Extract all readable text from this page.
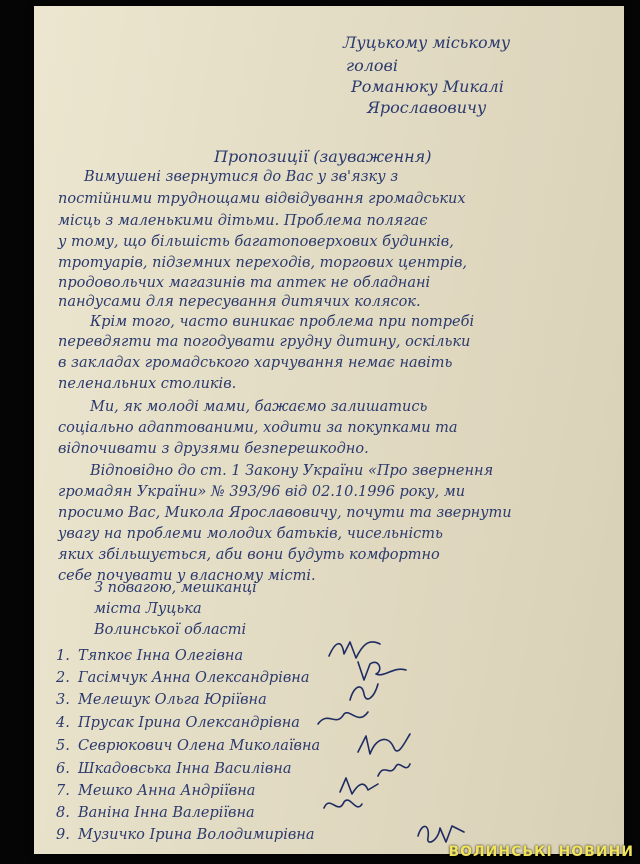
Луцькому міському
голові
Романюку Микалі
Ярославовичу
Пропозиції (зауваження)
Вимушені звернутися до Вас у зв'язку з
постійними труднощами відвідування громадських
місць з маленькими дітьми. Проблема полягає
у тому, що більшість багатоповерхових будинків,
тротуарів, підземних переходів, торгових центрів,
продовольчих магазинів та аптек не обладнані
пандусами для пересування дитячих колясок.
Крім того, часто виникає проблема при потребі
перевдягти та погодувати грудну дитину, оскільки
в закладах громадського харчування немає навіть
пеленальних столиків.
Ми, як молоді мами, бажаємо залишатись
соціально адаптованими, ходити за покупками та
відпочивати з друзями безперешкодно.
Відповідно до ст. 1 Закону України «Про звернення
громадян України» № 393/96 від 02.10.1996 року, ми
просимо Вас, Микола Ярославовичу, почути та звернути
увагу на проблеми молодих батьків, чисельність
яких збільшується, аби вони будуть комфортно
себе почувати у власному місті.
З повагою, мешканці
міста Луцька
Волинської області
1. Тяпкоє Інна Олегівна
2. Гасімчук Анна Олександрівна
3. Мелешук Ольга Юріївна
4. Прусак Ірина Олександрівна
5. Севрюкович Олена Миколаївна
6. Шкадовська Інна Василівна
7. Мешко Анна Андріївна
8. Ваніна Інна Валеріївна
9. Музичко Ірина Володимирівна
ВОЛИНСЬКІ НОВИНИ
